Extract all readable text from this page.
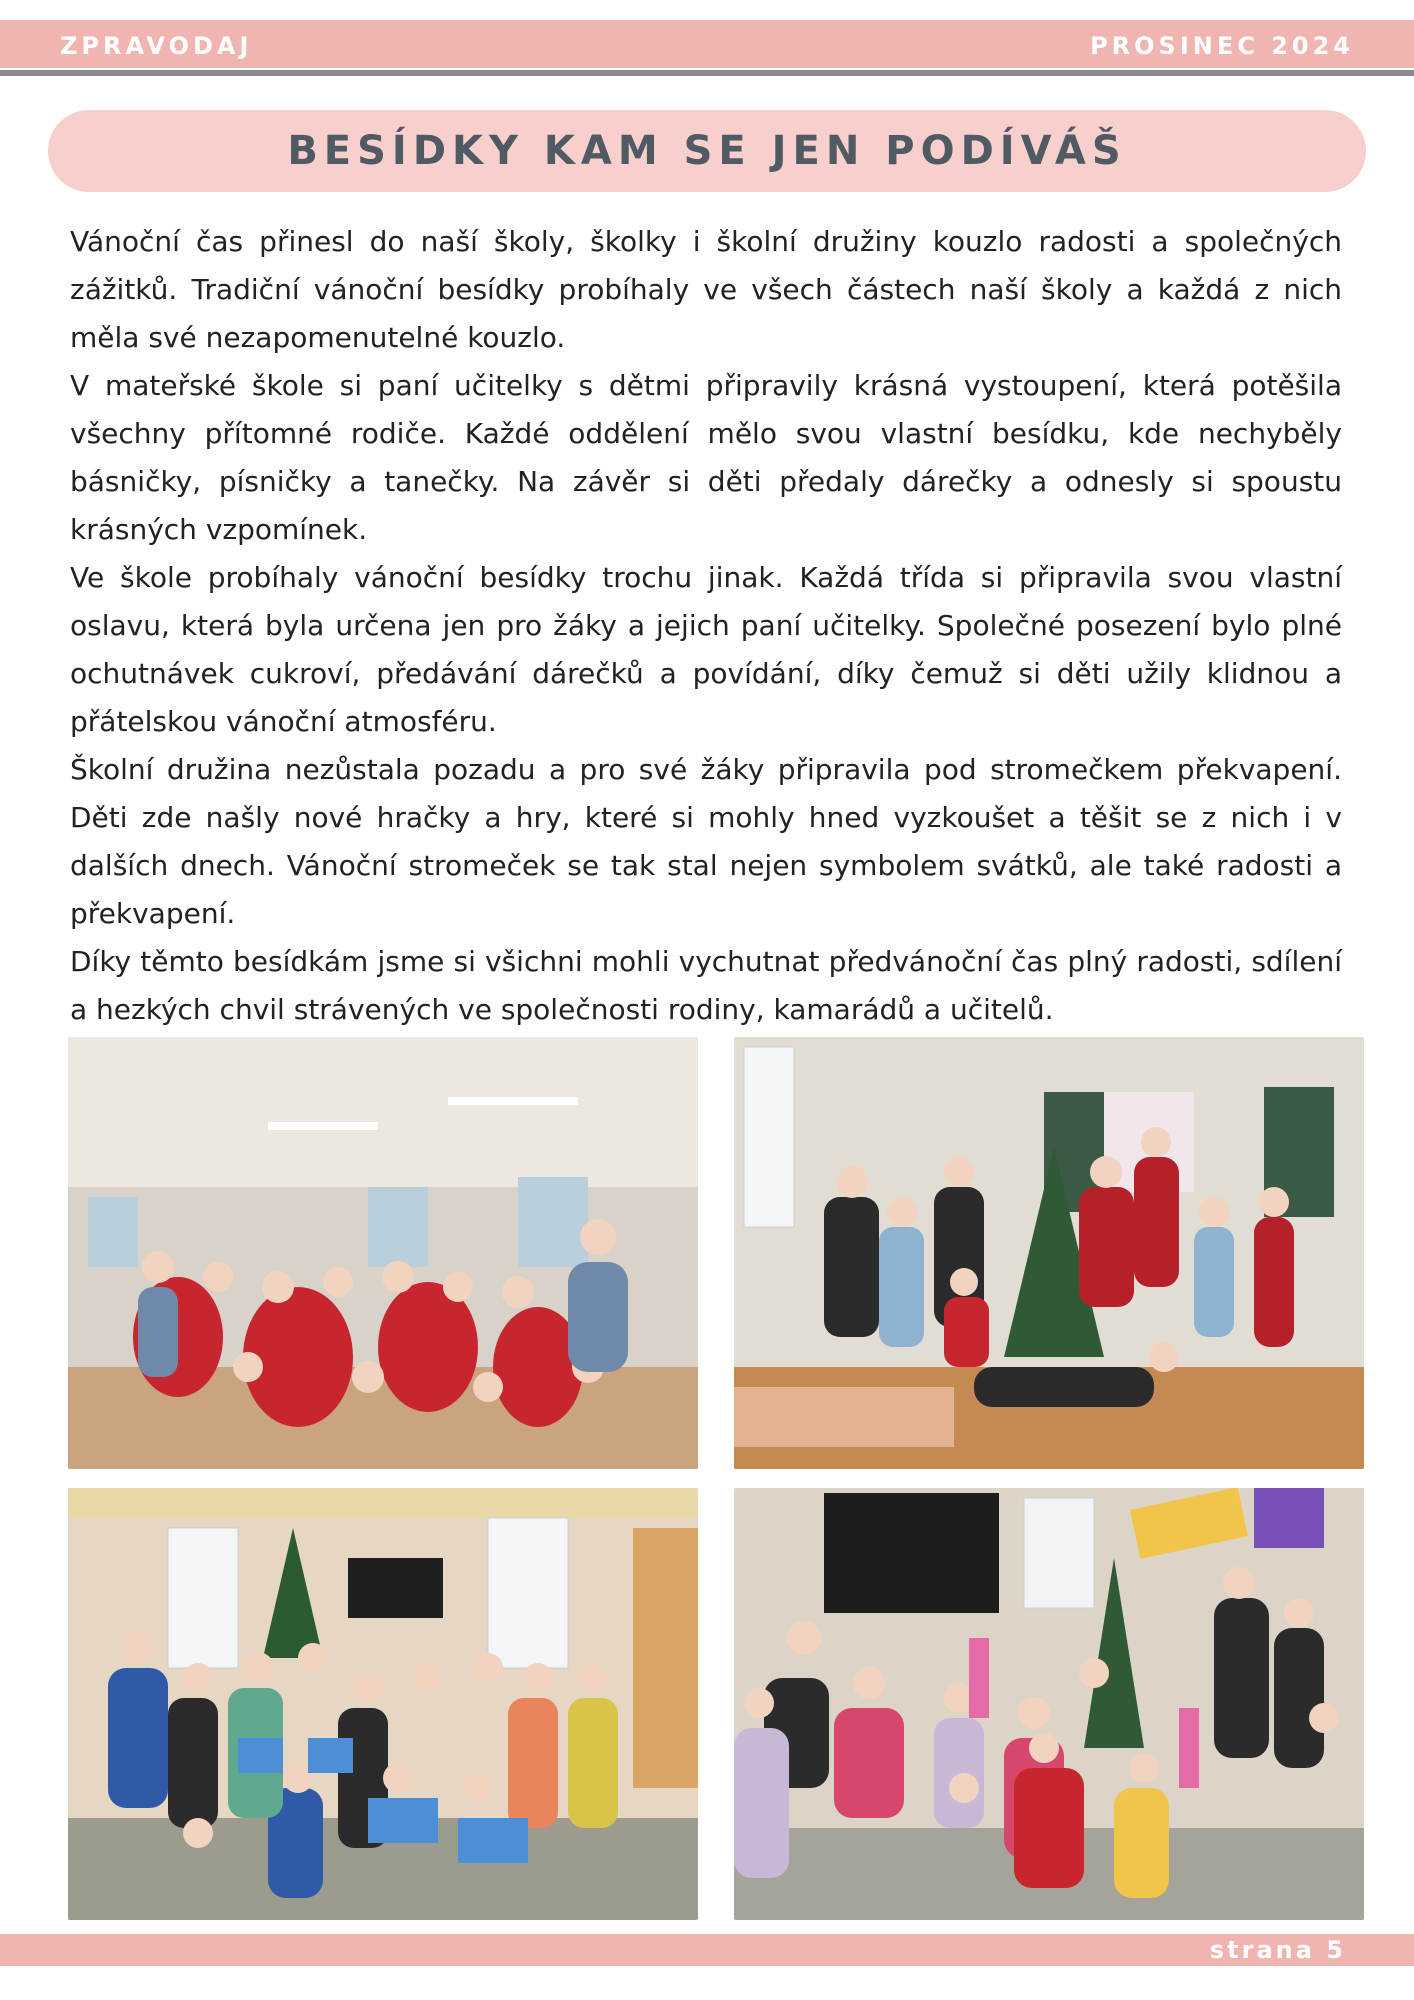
ZPRAVODAJ	PROSINEC 2024
BESÍDKY KAM SE JEN PODÍVÁŠ

Vánoční čas přinesl do naší školy, školky i školní družiny kouzlo radosti a společných zážitků. Tradiční vánoční besídky probíhaly ve všech částech naší školy a každá z nich měla své nezapomenutelné kouzlo.

V mateřské škole si paní učitelky s dětmi připravily krásná vystoupení, která potěšila všechny přítomné rodiče. Každé oddělení mělo svou vlastní besídku, kde nechyběly básničky, písničky a tanečky. Na závěr si děti předaly dárečky a odnesly si spoustu krásných vzpomínek.

Ve škole probíhaly vánoční besídky trochu jinak. Každá třída si připravila svou vlastní oslavu, která byla určena jen pro žáky a jejich paní učitelky. Společné posezení bylo plné ochutnávek cukroví, předávání dárečků a povídání, díky čemuž si děti užily klidnou a přátelskou vánoční atmosféru.

Školní družina nezůstala pozadu a pro své žáky připravila pod stromečkem překvapení. Děti zde našly nové hračky a hry, které si mohly hned vyzkoušet a těšit se z nich i v dalších dnech. Vánoční stromeček se tak stal nejen symbolem svátků, ale také radosti a překvapení.

Díky těmto besídkám jsme si všichni mohli vychutnat předvánoční čas plný radosti, sdílení a hezkých chvil strávených ve společnosti rodiny, kamarádů a učitelů.

strana 5
